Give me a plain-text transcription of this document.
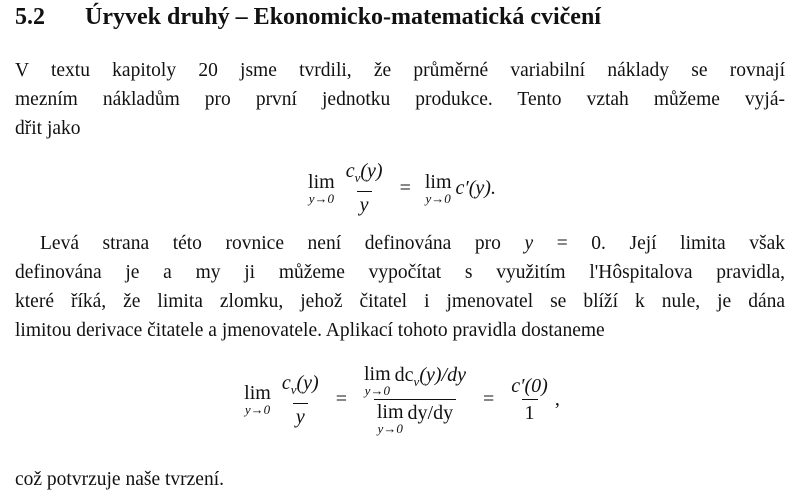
5.2 Úryvek druhý – Ekonomicko-matematická cvičení
V textu kapitoly 20 jsme tvrdili, že průměrné variabilní náklady se rovnají
mezním nákladům pro první jednotku produkce. Tento vztah můžeme vyjá-
dřit jako
lim
$y\to 0 \frac{c_v(y)}{y} = \lim$
y→0 c′(y).
Levá strana této rovnice není definována pro y = 0. Její limita však
definována je a my ji můžeme vypočítat s využitím l'Hôspitalova pravidla,
které říká, že limita zlomku, jehož čitatel i jmenovatel se blíží k nule, je dána
limitou derivace čitatele a jmenovatele. Aplikací tohoto pravidla dostaneme
lim
$y\to 0 \frac{c_v(y)}{y} = \lim$
y→0
$dc_v(y)/dy$
lim
y→0
$dy/dy = \frac{c'(0)}{1}$ ,
což potvrzuje naše tvrzení.
